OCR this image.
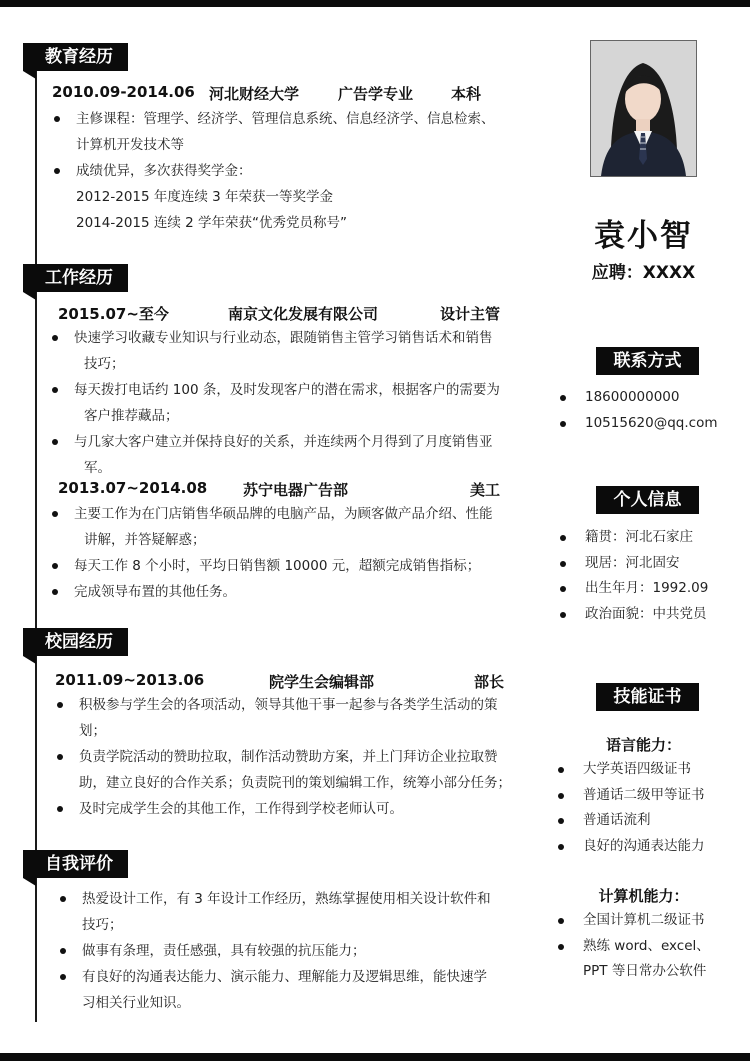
教育经历
2010.09-2014.06 河北财经大学	广告学专业	本科
主修课程：管理学、经济学、管理信息系统、信息经济学、信息检索、
计算机开发技术等
成绩优异，多次获得奖学金：
2012-2015 年度连续 3 年荣获一等奖学金
2014-2015 连续 2 学年荣获“优秀党员称号”
工作经历
2015.07~至今	南京文化发展有限公司	设计主管
快速学习收藏专业知识与行业动态，跟随销售主管学习销售话术和销售
技巧；
每天拨打电话约 100 条，及时发现客户的潜在需求，根据客户的需要为
客户推荐藏品；
与几家大客户建立并保持良好的关系，并连续两个月得到了月度销售亚
军。
2013.07~2014.08 苏宁电器广告部	美工
主要工作为在门店销售华硕品牌的电脑产品，为顾客做产品介绍、性能
讲解，并答疑解惑；
每天工作 8 个小时，平均日销售额 10000 元，超额完成销售指标；
完成领导布置的其他任务。
校园经历
2011.09~2013.06	院学生会编辑部	部长
积极参与学生会的各项活动，领导其他干事一起参与各类学生活动的策
划；
负责学院活动的赞助拉取，制作活动赞助方案，并上门拜访企业拉取赞
助，建立良好的合作关系；负责院刊的策划编辑工作，统筹小部分任务；
及时完成学生会的其他工作，工作得到学校老师认可。
自我评价
热爱设计工作，有 3 年设计工作经历，熟练掌握使用相关设计软件和
技巧；
做事有条理，责任感强，具有较强的抗压能力；
有良好的沟通表达能力、演示能力、理解能力及逻辑思维，能快速学
习相关行业知识。
袁小智
应聘：XXXX
联系方式
18600000000
10515620@qq.com
个人信息
籍贯：河北石家庄
现居：河北固安
出生年月：1992.09
政治面貌：中共党员
技能证书
语言能力：
大学英语四级证书
普通话二级甲等证书
普通话流利
良好的沟通表达能力
计算机能力：
全国计算机二级证书
熟练 word、excel、
PPT 等日常办公软件
